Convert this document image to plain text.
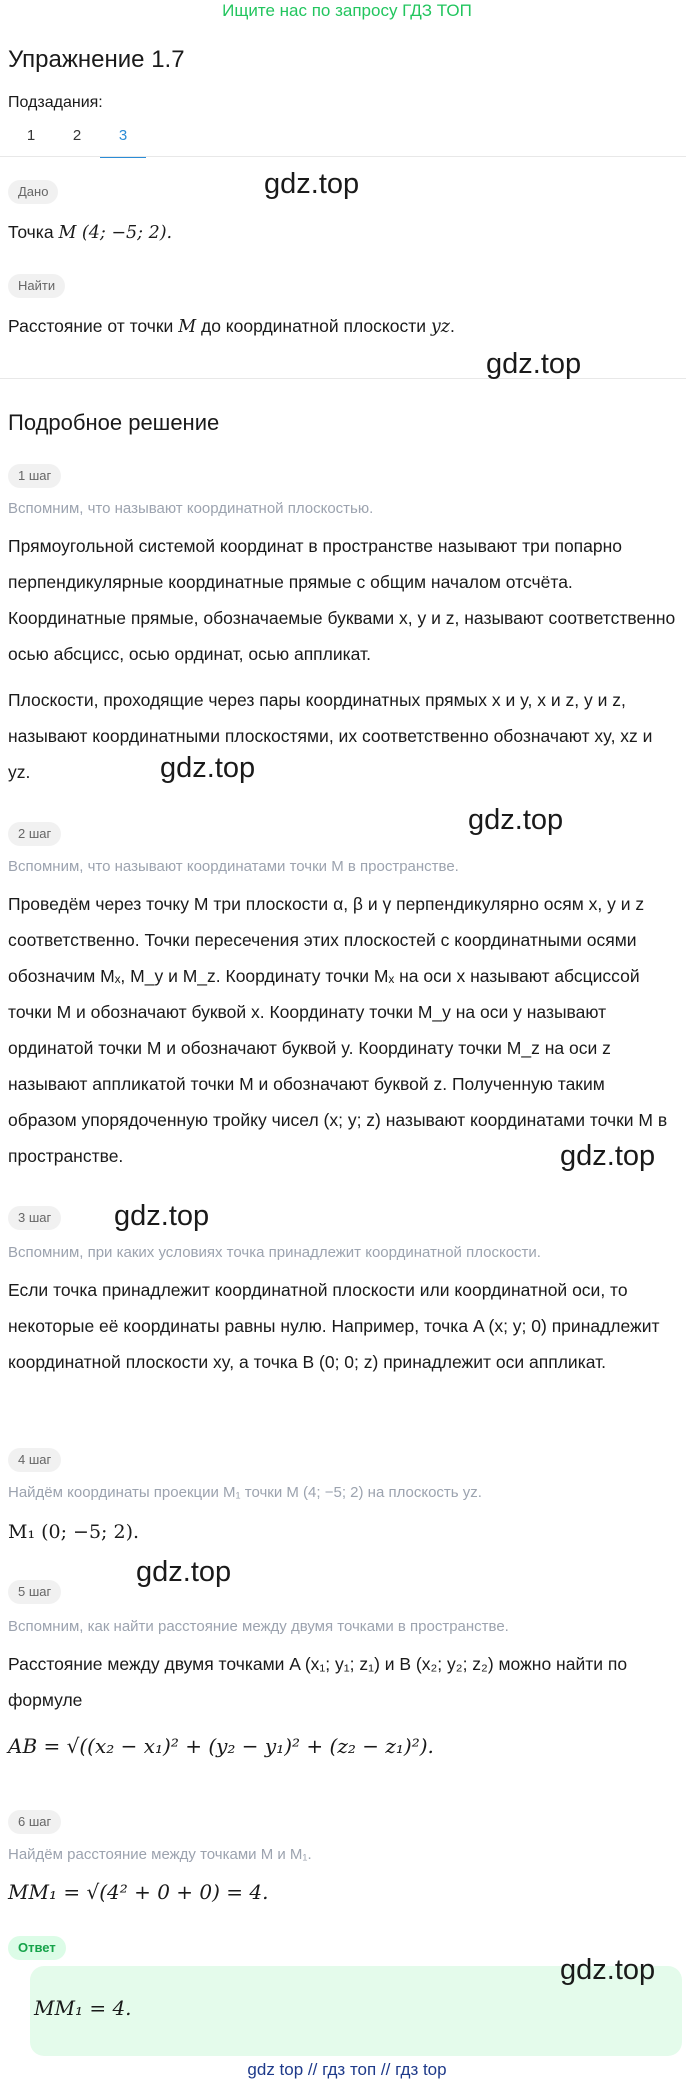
Ищите нас по запросу ГДЗ ТОП
Упражнение 1.7
Подзадания:
1	2	3
Дано
Точка M (4; −5; 2).
Найти
Расстояние от точки M до координатной плоскости yz.
Подробное решение
1 шаг
Вспомним, что называют координатной плоскостью.
Прямоугольной системой координат в пространстве называют три попарно перпендикулярные координатные прямые с общим началом отсчёта. Координатные прямые, обозначаемые буквами x, y и z, называют соответственно осью абсцисс, осью ординат, осью аппликат.
Плоскости, проходящие через пары координатных прямых x и y, x и z, y и z, называют координатными плоскостями, их соответственно обозначают xy, xz и yz.
2 шаг
Вспомним, что называют координатами точки M в пространстве.
Проведём через точку M три плоскости α, β и γ перпендикулярно осям x, y и z соответственно. Точки пересечения этих плоскостей с координатными осями обозначим Mₓ, M_y и M_z. Координату точки Mₓ на оси x называют абсциссой точки M и обозначают буквой x. Координату точки M_y на оси y называют ординатой точки M и обозначают буквой y. Координату точки M_z на оси z называют аппликатой точки M и обозначают буквой z. Полученную таким образом упорядоченную тройку чисел (x; y; z) называют координатами точки M в пространстве.
3 шаг
Вспомним, при каких условиях точка принадлежит координатной плоскости.
Если точка принадлежит координатной плоскости или координатной оси, то некоторые её координаты равны нулю. Например, точка A (x; y; 0) принадлежит координатной плоскости xy, а точка B (0; 0; z) принадлежит оси аппликат.
4 шаг
Найдём координаты проекции M₁ точки M (4; −5; 2) на плоскость yz.
M₁ (0; −5; 2).
5 шаг
Вспомним, как найти расстояние между двумя точками в пространстве.
Расстояние между двумя точками A (x₁; y₁; z₁) и B (x₂; y₂; z₂) можно найти по формуле
AB = √((x₂ − x₁)² + (y₂ − y₁)² + (z₂ − z₁)²).
6 шаг
Найдём расстояние между точками M и M₁.
MM₁ = √(4² + 0 + 0) = 4.
Ответ
MM₁ = 4.
gdz.top
gdz.top
gdz.top
gdz.top
gdz.top
gdz.top
gdz.top
gdz.top
gdz top // гдз топ // гдз top
